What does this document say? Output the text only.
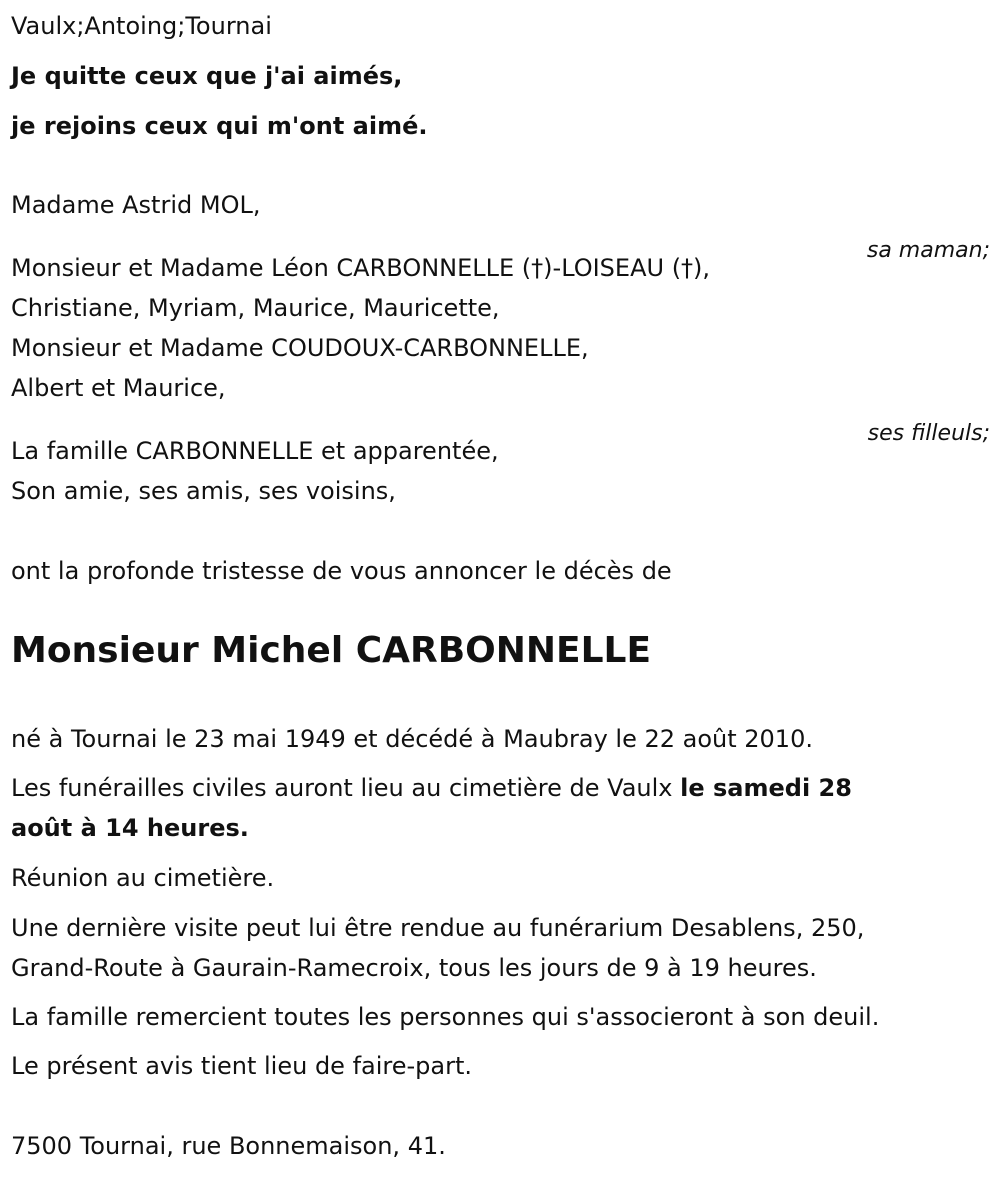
Vaulx;Antoing;Tournai

Je quitte ceux que j'ai aimés,

je rejoins ceux qui m'ont aimé.

Madame Astrid MOL,

sa maman;

Monsieur et Madame Léon CARBONNELLE (†)-LOISEAU (†),

Christiane, Myriam, Maurice, Mauricette,

Monsieur et Madame COUDOUX-CARBONNELLE,

Albert et Maurice,

ses filleuls;

La famille CARBONNELLE et apparentée,

Son amie, ses amis, ses voisins,

ont la profonde tristesse de vous annoncer le décès de

Monsieur Michel CARBONNELLE

né à Tournai le 23 mai 1949 et décédé à Maubray le 22 août 2010.

Les funérailles civiles auront lieu au cimetière de Vaulx le samedi 28

août à 14 heures.

Réunion au cimetière.

Une dernière visite peut lui être rendue au funérarium Desablens, 250,

Grand-Route à Gaurain-Ramecroix, tous les jours de 9 à 19 heures.

La famille remercient toutes les personnes qui s'associeront à son deuil.

Le présent avis tient lieu de faire-part.

7500 Tournai, rue Bonnemaison, 41.
